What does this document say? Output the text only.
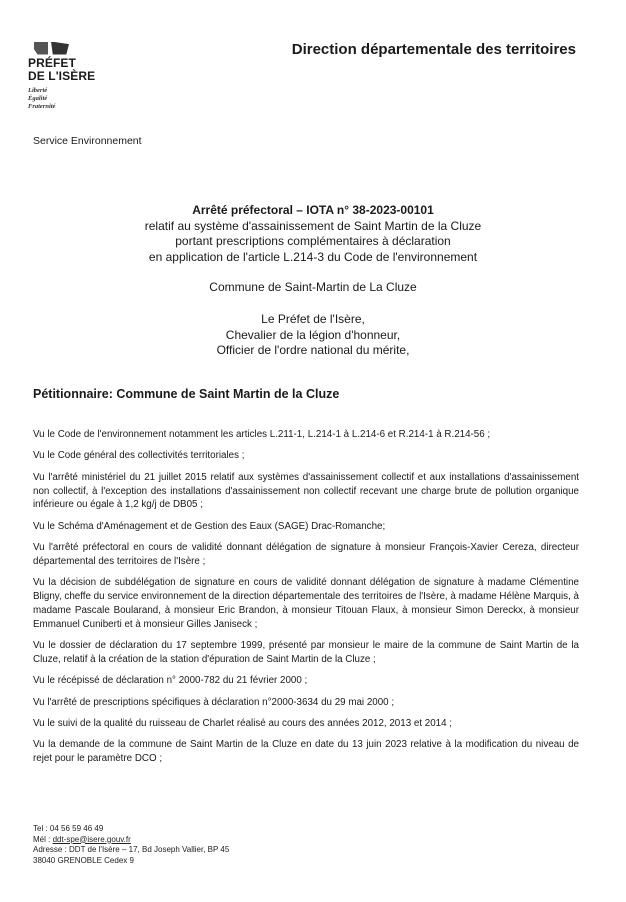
PRÉFET
DE L'ISÈRE
Liberté
Égalité
Fraternité
Direction départementale des territoires
Service Environnement
Arrêté préfectoral – IOTA n° 38-2023-00101
relatif au système d'assainissement de Saint Martin de la Cluze
portant prescriptions complémentaires à déclaration
en application de l'article L.214-3 du Code de l'environnement
Commune de Saint-Martin de La Cluze
Le Préfet de l'Isère,
Chevalier de la légion d'honneur,
Officier de l'ordre national du mérite,
Pétitionnaire: Commune de Saint Martin de la Cluze

Vu le Code de l'environnement notamment les articles L.211-1, L.214-1 à L.214-6 et R.214-1 à R.214-56 ;

Vu le Code général des collectivités territoriales ;

Vu l'arrêté ministériel du 21 juillet 2015 relatif aux systèmes d'assainissement collectif et aux installations d'assainissement non collectif, à l'exception des installations d'assainissement non collectif recevant une charge brute de pollution organique inférieure ou égale à 1,2 kg/j de DB05 ;

Vu le Schéma d'Aménagement et de Gestion des Eaux (SAGE) Drac-Romanche;

Vu l'arrêté préfectoral en cours de validité donnant délégation de signature à monsieur François-Xavier Cereza, directeur départemental des territoires de l'Isère ;

Vu la décision de subdélégation de signature en cours de validité donnant délégation de signature à madame Clémentine Bligny, cheffe du service environnement de la direction départementale des territoires de l'Isère, à madame Hélène Marquis, à madame Pascale Boularand, à monsieur Eric Brandon, à monsieur Titouan Flaux, à monsieur Simon Dereckx, à monsieur Emmanuel Cuniberti et à monsieur Gilles Janiseck ;

Vu le dossier de déclaration du 17 septembre 1999, présenté par monsieur le maire de la commune de Saint Martin de la Cluze, relatif à la création de la station d'épuration de Saint Martin de la Cluze ;

Vu le récépissé de déclaration n° 2000-782 du 21 février 2000 ;

Vu l'arrêté de prescriptions spécifiques à déclaration n°2000-3634 du 29 mai 2000 ;

Vu le suivi de la qualité du ruisseau de Charlet réalisé au cours des années 2012, 2013 et 2014 ;

Vu la demande de la commune de Saint Martin de la Cluze en date du 13 juin 2023 relative à la modification du niveau de rejet pour le paramètre DCO ;

Tel : 04 56 59 46 49
Mél : ddt-spe@isere.gouv.fr
Adresse : DDT de l'Isère – 17, Bd Joseph Vallier, BP 45
38040 GRENOBLE Cedex 9
